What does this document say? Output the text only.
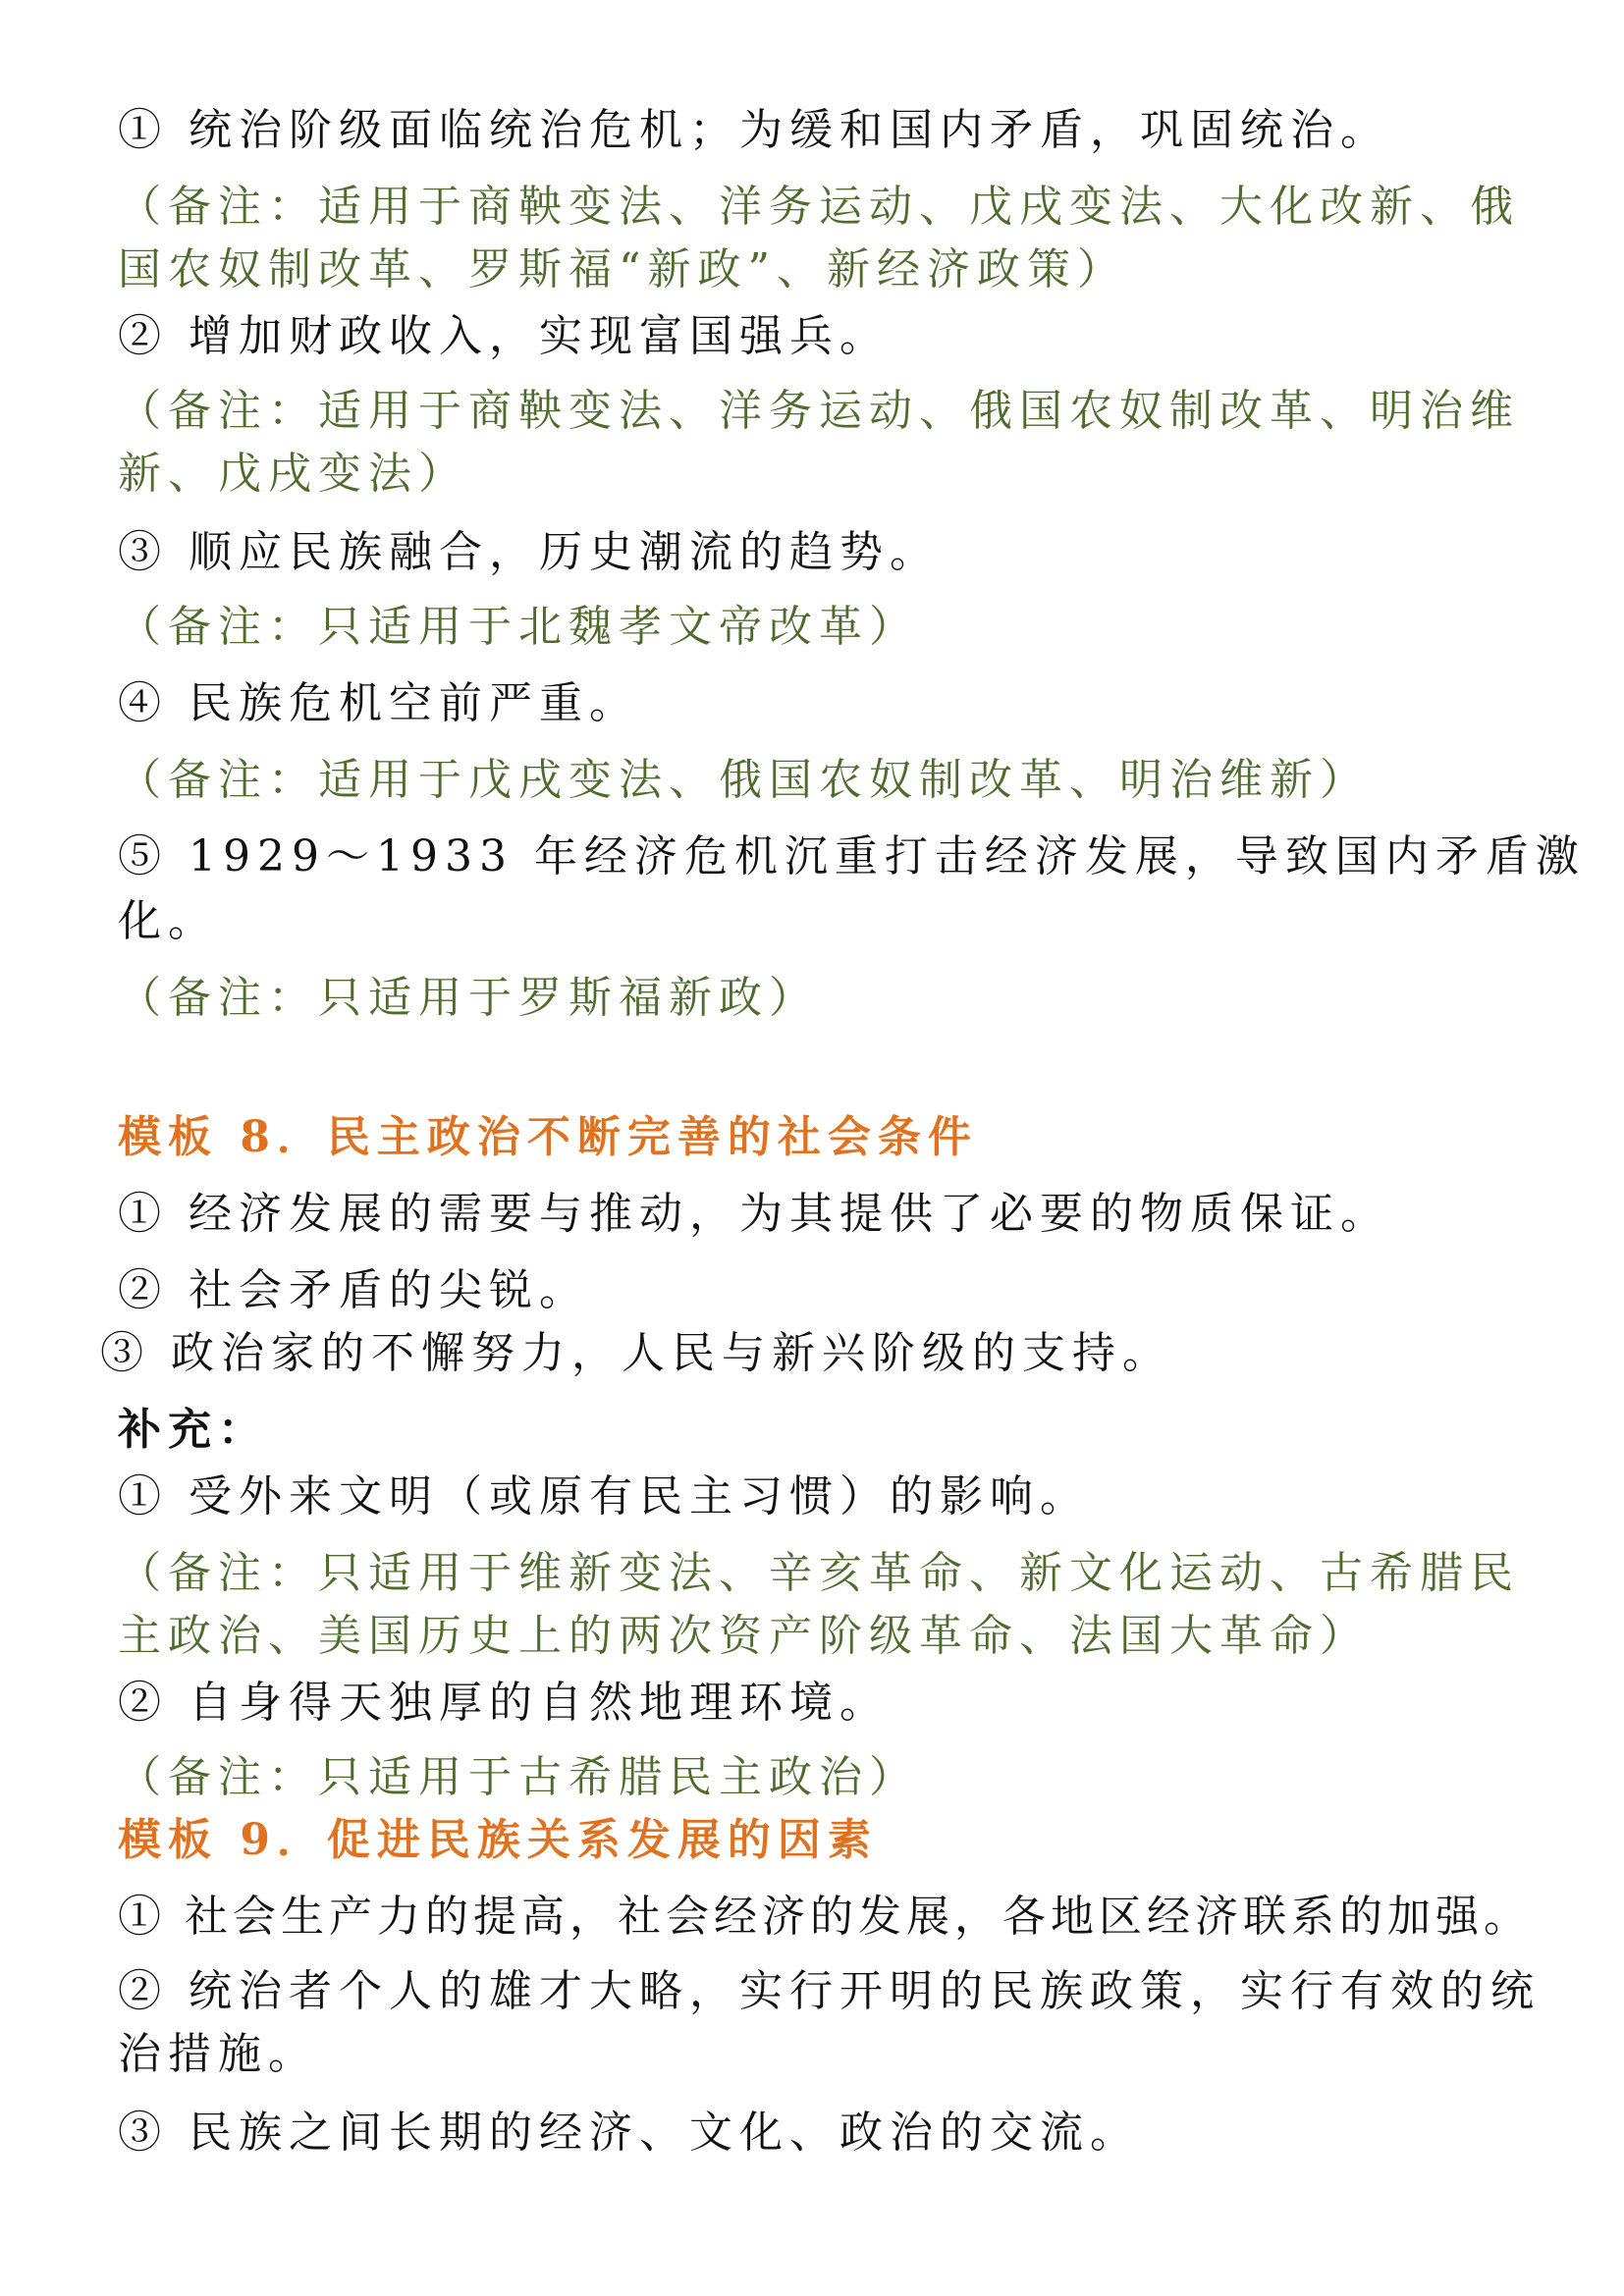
① 统治阶级面临统治危机；为缓和国内矛盾，巩固统治。

（备注：适用于商鞅变法、洋务运动、戊戌变法、大化改新、俄

国农奴制改革、罗斯福“新政”、新经济政策）

② 增加财政收入，实现富国强兵。

（备注：适用于商鞅变法、洋务运动、俄国农奴制改革、明治维

新、戊戌变法）

③ 顺应民族融合，历史潮流的趋势。

（备注：只适用于北魏孝文帝改革）

④ 民族危机空前严重。

（备注：适用于戊戌变法、俄国农奴制改革、明治维新）

⑤ 1929～1933 年经济危机沉重打击经济发展，导致国内矛盾激

化。

（备注：只适用于罗斯福新政）

模板 8．民主政治不断完善的社会条件

① 经济发展的需要与推动，为其提供了必要的物质保证。

② 社会矛盾的尖锐。

③ 政治家的不懈努力，人民与新兴阶级的支持。

补充：

① 受外来文明（或原有民主习惯）的影响。

（备注：只适用于维新变法、辛亥革命、新文化运动、古希腊民

主政治、美国历史上的两次资产阶级革命、法国大革命）

② 自身得天独厚的自然地理环境。

（备注：只适用于古希腊民主政治）

模板 9．促进民族关系发展的因素

① 社会生产力的提高，社会经济的发展，各地区经济联系的加强。

② 统治者个人的雄才大略，实行开明的民族政策，实行有效的统

治措施。

③ 民族之间长期的经济、文化、政治的交流。
